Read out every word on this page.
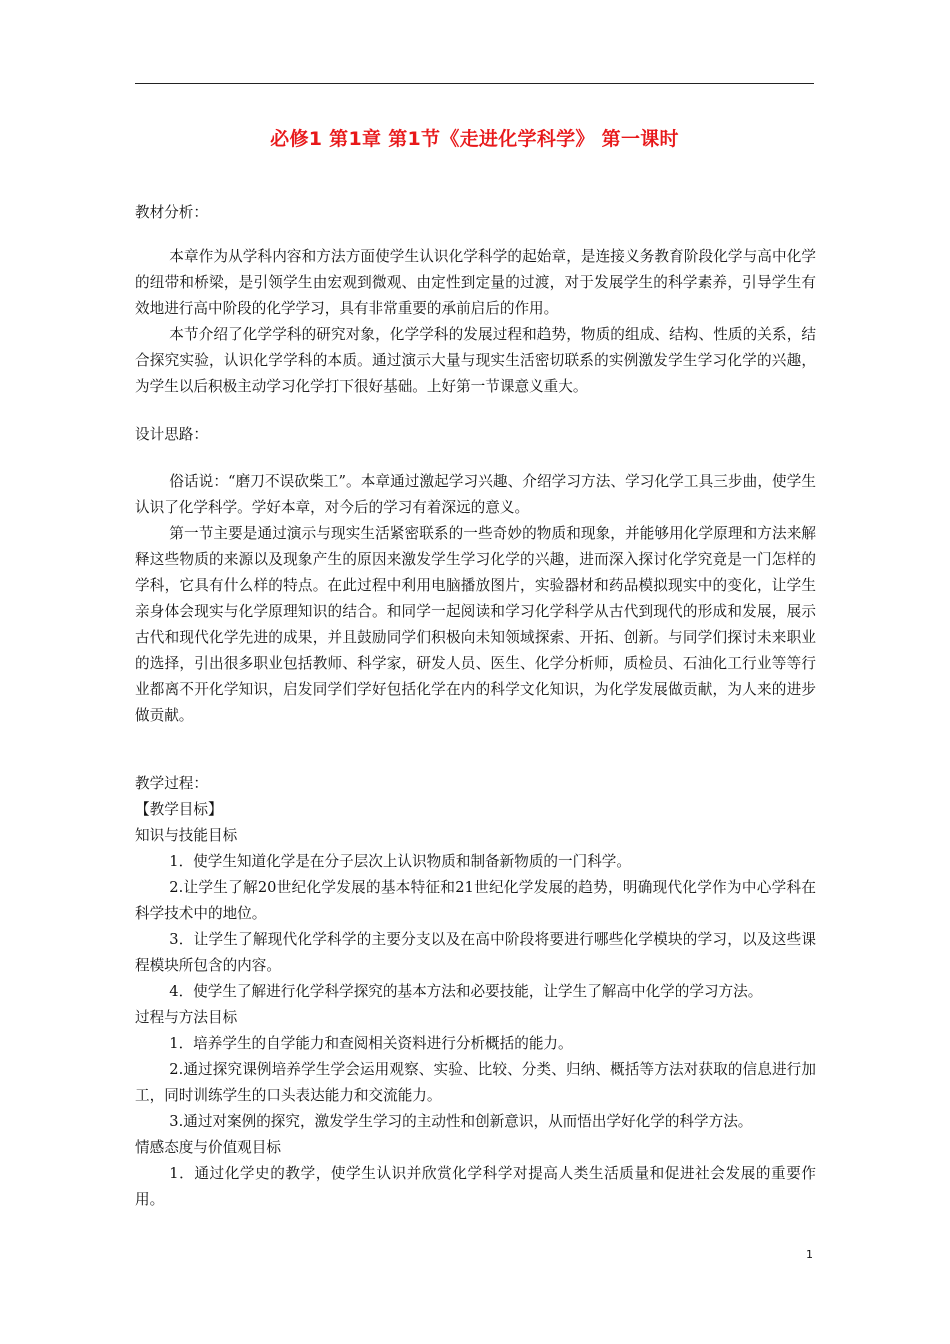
必修1 第1章 第1节《走进化学科学》 第一课时

教材分析：

本章作为从学科内容和方法方面使学生认识化学科学的起始章，是连接义务教育阶段化学与高中化学的纽带和桥梁，是引领学生由宏观到微观、由定性到定量的过渡，对于发展学生的科学素养，引导学生有效地进行高中阶段的化学学习，具有非常重要的承前启后的作用。

本节介绍了化学学科的研究对象，化学学科的发展过程和趋势，物质的组成、结构、性质的关系，结合探究实验，认识化学学科的本质。通过演示大量与现实生活密切联系的实例激发学生学习化学的兴趣，为学生以后积极主动学习化学打下很好基础。上好第一节课意义重大。

设计思路：

俗话说：“磨刀不误砍柴工”。本章通过激起学习兴趣、介绍学习方法、学习化学工具三步曲，使学生认识了化学科学。学好本章，对今后的学习有着深远的意义。

第一节主要是通过演示与现实生活紧密联系的一些奇妙的物质和现象，并能够用化学原理和方法来解释这些物质的来源以及现象产生的原因来激发学生学习化学的兴趣，进而深入探讨化学究竟是一门怎样的学科，它具有什么样的特点。在此过程中利用电脑播放图片，实验器材和药品模拟现实中的变化，让学生亲身体会现实与化学原理知识的结合。和同学一起阅读和学习化学科学从古代到现代的形成和发展，展示古代和现代化学先进的成果，并且鼓励同学们积极向未知领域探索、开拓、创新。与同学们探讨未来职业的选择，引出很多职业包括教师、科学家，研发人员、医生、化学分析师，质检员、石油化工行业等等行业都离不开化学知识，启发同学们学好包括化学在内的科学文化知识，为化学发展做贡献，为人来的进步做贡献。

教学过程：

【教学目标】

知识与技能目标

1．使学生知道化学是在分子层次上认识物质和制备新物质的一门科学。

2.让学生了解20世纪化学发展的基本特征和21世纪化学发展的趋势，明确现代化学作为中心学科在科学技术中的地位。

3．让学生了解现代化学科学的主要分支以及在高中阶段将要进行哪些化学模块的学习，以及这些课程模块所包含的内容。

4．使学生了解进行化学科学探究的基本方法和必要技能，让学生了解高中化学的学习方法。

过程与方法目标

1．培养学生的自学能力和查阅相关资料进行分析概括的能力。

2.通过探究课例培养学生学会运用观察、实验、比较、分类、归纳、概括等方法对获取的信息进行加工，同时训练学生的口头表达能力和交流能力。

3.通过对案例的探究，激发学生学习的主动性和创新意识，从而悟出学好化学的科学方法。

情感态度与价值观目标

1．通过化学史的教学，使学生认识并欣赏化学科学对提高人类生活质量和促进社会发展的重要作用。

1
